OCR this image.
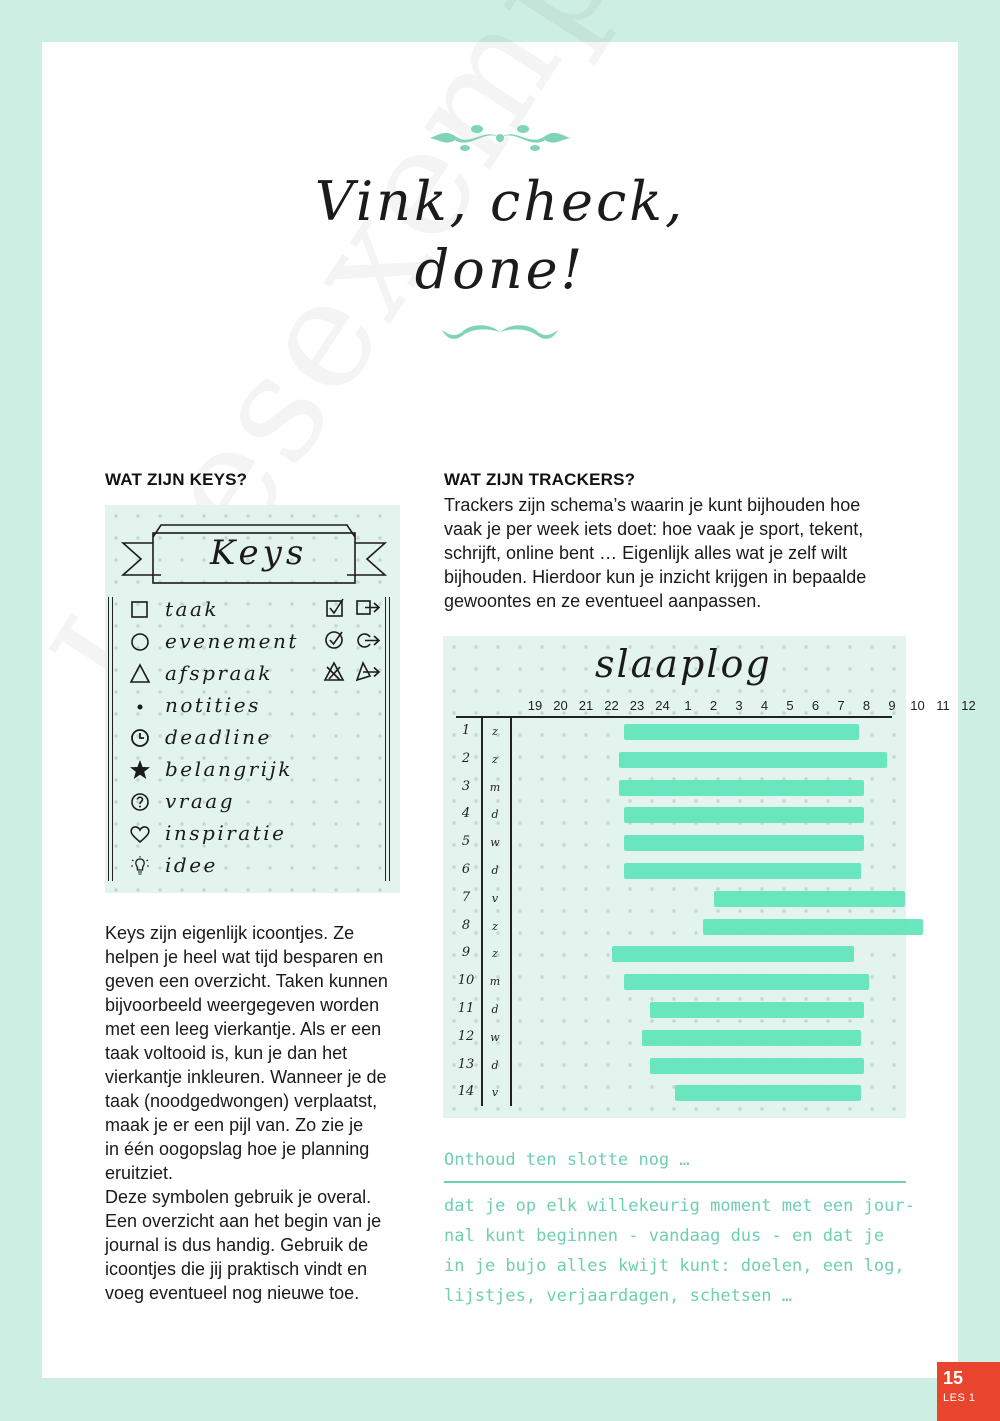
Vink, check,
done!
WAT ZIJN KEYS?
Keys
taak
evenement
afspraak
notities
deadline
belangrijk
vraag
inspiratie
idee
Keys zijn eigenlijk icoontjes. Ze
helpen je heel wat tijd besparen en
geven een overzicht. Taken kunnen
bijvoorbeeld weergegeven worden
met een leeg vierkantje. Als er een
taak voltooid is, kun je dan het
vierkantje inkleuren. Wanneer je de
taak (noodgedwongen) verplaatst,
maak je er een pijl van. Zo zie je
in één oogopslag hoe je planning
eruitziet.
Deze symbolen gebruik je overal.
Een overzicht aan het begin van je
journal is dus handig. Gebruik de
icoontjes die jij praktisch vindt en
voeg eventueel nog nieuwe toe.
WAT ZIJN TRACKERS?
Trackers zijn schema’s waarin je kunt bijhouden hoe
vaak je per week iets doet: hoe vaak je sport, tekent,
schrijft, online bent … Eigenlijk alles wat je zelf wilt
bijhouden. Hierdoor kun je inzicht krijgen in bepaalde
gewoontes en ze eventueel aanpassen.
slaaplog
19 20 21 22 23 24	1	2	3	4	5	6	7	8	9	10 11 12
1	z
2	z
3	m
4	d
5	w
6	d
7	v
8	z
9	z
10	m
11	d
12	w
13	d
14	v
Onthoud ten slotte nog …
dat je op elk willekeurig moment met een jour-
nal kunt beginnen - vandaag dus - en dat je
in je bujo alles kwijt kunt: doelen, een log,
lijstjes, verjaardagen, schetsen …
15
LES 1
